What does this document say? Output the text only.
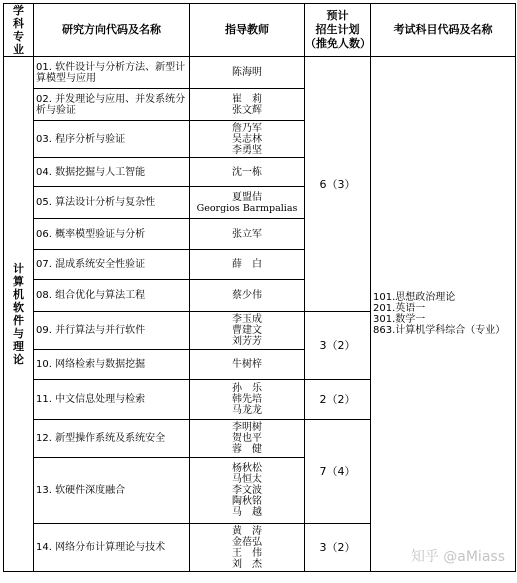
学科专业	研究方向代码及名称	指导教师	预计
招生计划
（推免人数）	考试科目代码及名称

计算机软件与理论	01. 软件设计与分析方法、新型计算模型与应用	陈海明	6（3）	101.思想政治理论
201.英语一
301.数学一
863.计算机学科综合（专业）

	02. 并发理论与应用、并发系统分析与验证	崔　莉
张文辉		

	03. 程序分析与验证	詹乃军
吴志林
李勇坚		

	04. 数据挖掘与人工智能	沈一栋		

	05. 算法设计分析与复杂性	夏盟佶
Georgios Barmpalias		

	06. 概率模型验证与分析	张立军		

	07. 混成系统安全性验证	薛　白		

	08. 组合优化与算法工程	蔡少伟		

	09. 并行算法与并行软件	李玉成
曹建文
刘芳芳	3（2）	
	10. 网络检索与数据挖掘	牛树梓		

	11. 中文信息处理与检索	孙　乐
韩先培
马龙龙	2（2）	
	12. 新型操作系统及系统安全	李明树
贺也平
蓉　健	7（4）	
	13. 软硬件深度融合	杨秋松
马恒太
李文波
陶秋铭
马　越		

	14. 网络分布计算理论与技术	黄　涛
金蓓弘
王　伟
刘　杰	3（2）	
知乎 @aMiass
